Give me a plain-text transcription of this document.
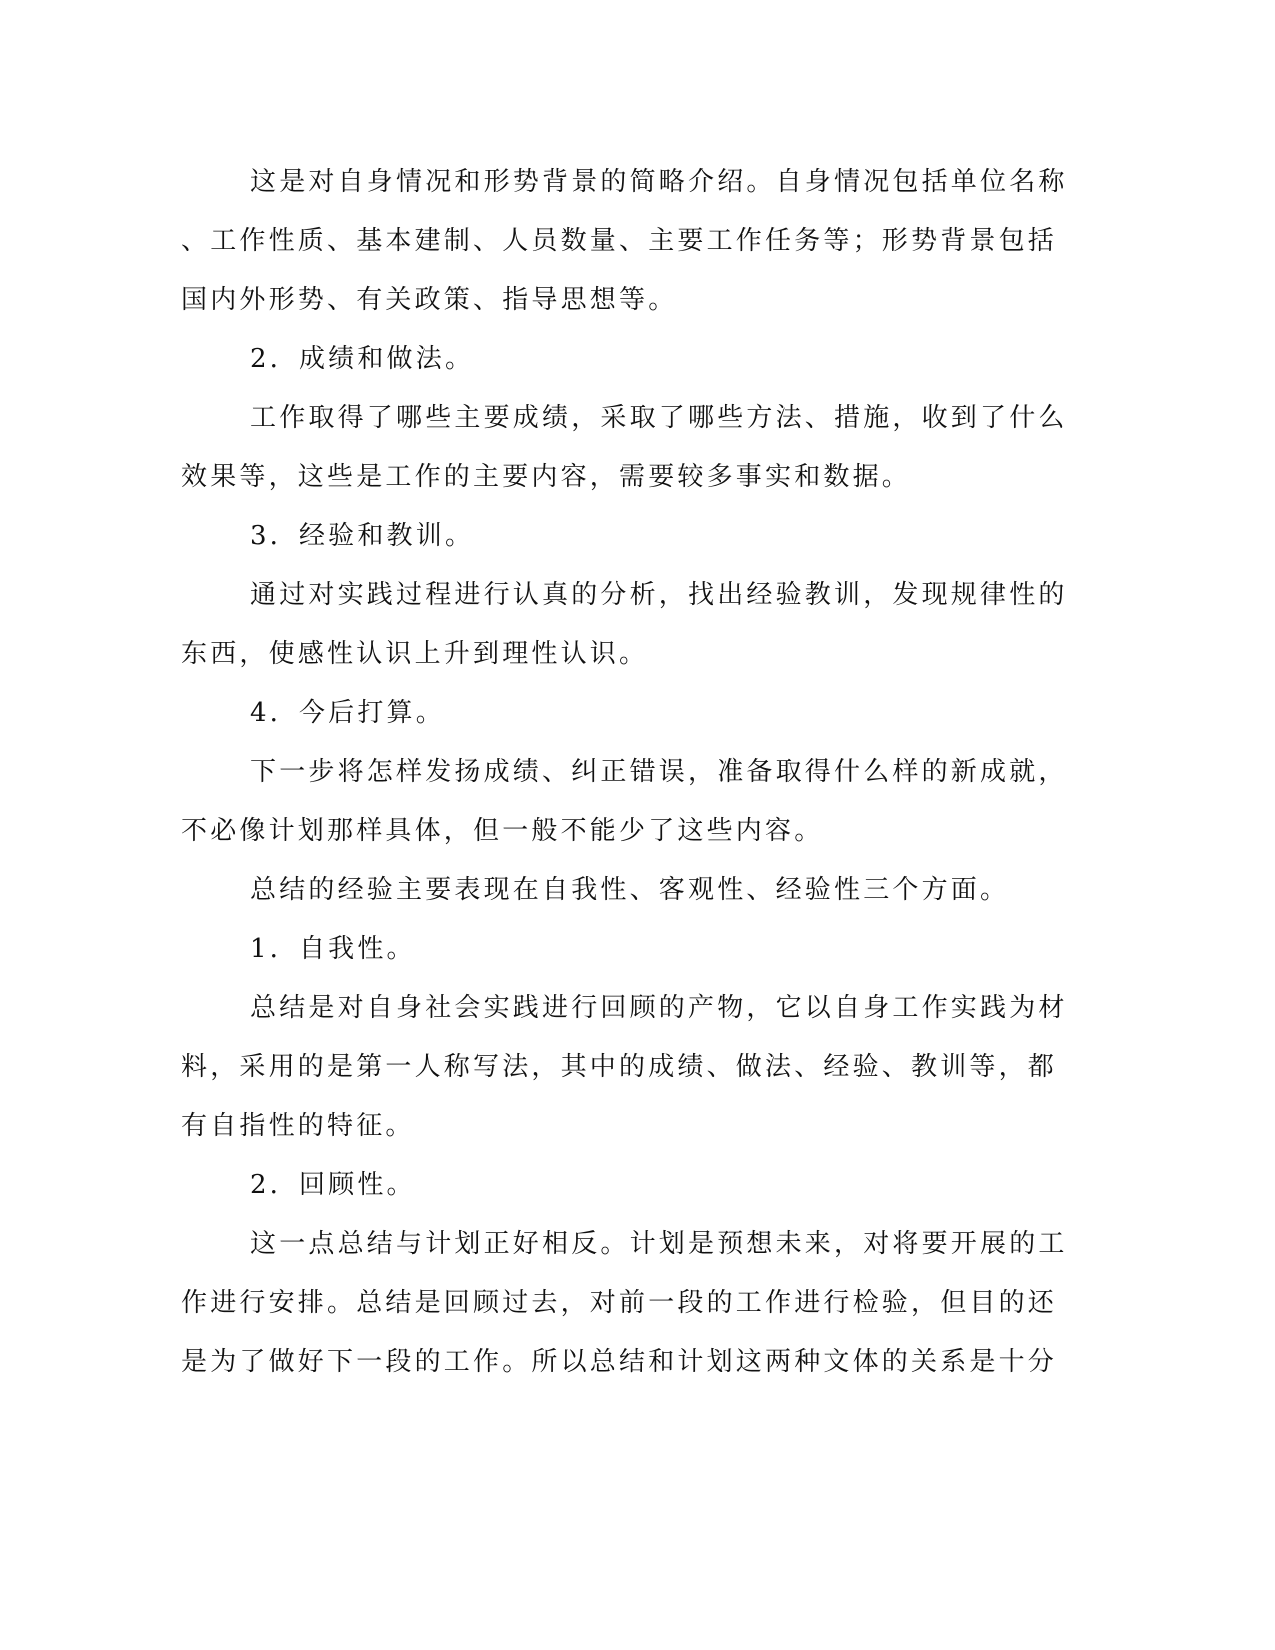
这是对自身情况和形势背景的简略介绍。自身情况包括单位名称
、工作性质、基本建制、人员数量、主要工作任务等；形势背景包括
国内外形势、有关政策、指导思想等。
2．成绩和做法。
工作取得了哪些主要成绩，采取了哪些方法、措施，收到了什么
效果等，这些是工作的主要内容，需要较多事实和数据。
3．经验和教训。
通过对实践过程进行认真的分析，找出经验教训，发现规律性的
东西，使感性认识上升到理性认识。
4．今后打算。
下一步将怎样发扬成绩、纠正错误，准备取得什么样的新成就，
不必像计划那样具体，但一般不能少了这些内容。
总结的经验主要表现在自我性、客观性、经验性三个方面。
1．自我性。
总结是对自身社会实践进行回顾的产物，它以自身工作实践为材
料，采用的是第一人称写法，其中的成绩、做法、经验、教训等，都
有自指性的特征。
2．回顾性。
这一点总结与计划正好相反。计划是预想未来，对将要开展的工
作进行安排。总结是回顾过去，对前一段的工作进行检验，但目的还
是为了做好下一段的工作。所以总结和计划这两种文体的关系是十分
